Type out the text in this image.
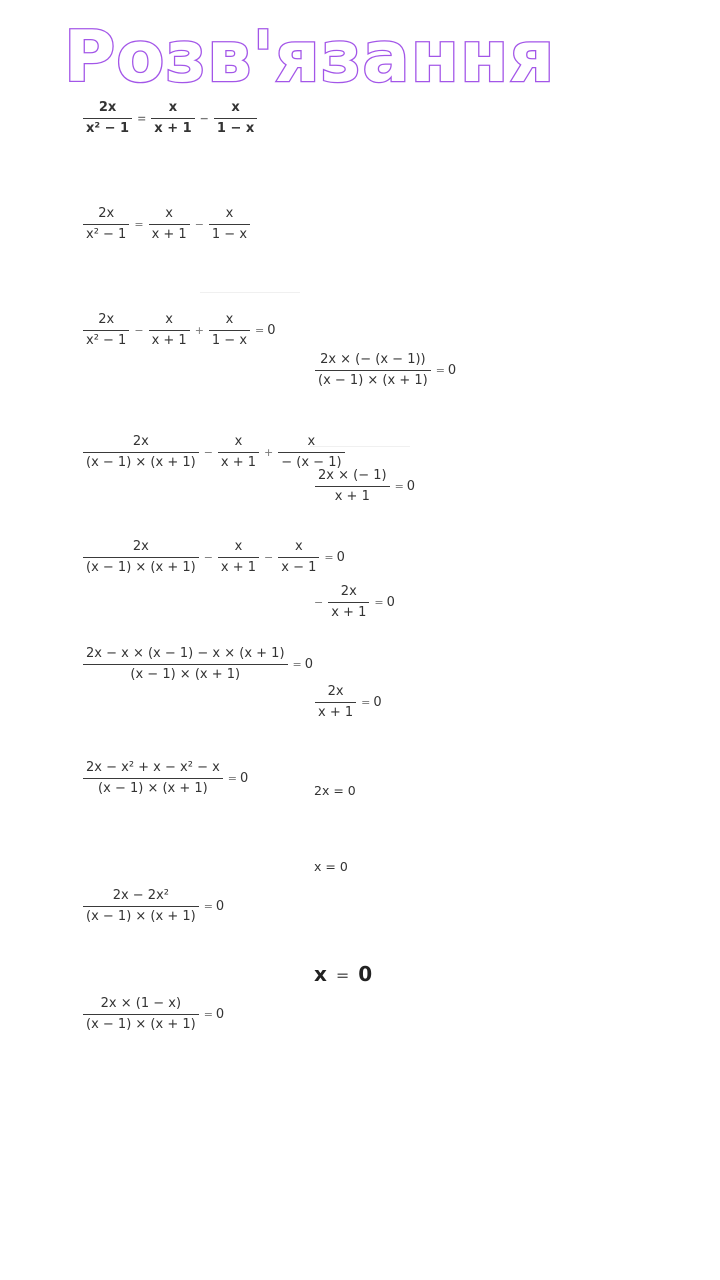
Розв'язання
$\frac{2x}{\text{x² − 1}} = \frac{x}{x + 1} - \frac{x}{1 - x}$
$\frac{2x}{\text{x² − 1}} = \frac{x}{x + 1} - \frac{x}{1 - x}$
$\frac{2x}{\text{x² − 1}} - \frac{x}{x + 1} + \frac{x}{1 - x} = 0$
$\frac{2x}{(x - 1) \times (x + 1)} - \frac{x}{x + 1} + \frac{x}{- (x - 1)}$
$\frac{2x}{(x - 1) \times (x + 1)} - \frac{x}{x + 1} - \frac{x}{x - 1} = 0$
$\frac{2x - x \times (x - 1) - x \times (x + 1)}{(x - 1) \times (x + 1)} = 0$
$\frac{\text{2x − x² + x − x² − x}}{(x - 1) \times (x + 1)} = 0$
$\frac{\text{2x − 2x²}}{(x - 1) \times (x + 1)} = 0$
$\frac{2x \times (1 - x)}{(x - 1) \times (x + 1)} = 0$
$\frac{2x \times (- (x - 1))}{(x - 1) \times (x + 1)} = 0$
$\frac{2x \times (- 1)}{x + 1} = 0$
− $\frac{2x}{x + 1} = 0$
$\frac{2x}{x + 1} = 0$
2x = 0
x = 0
x = 0
